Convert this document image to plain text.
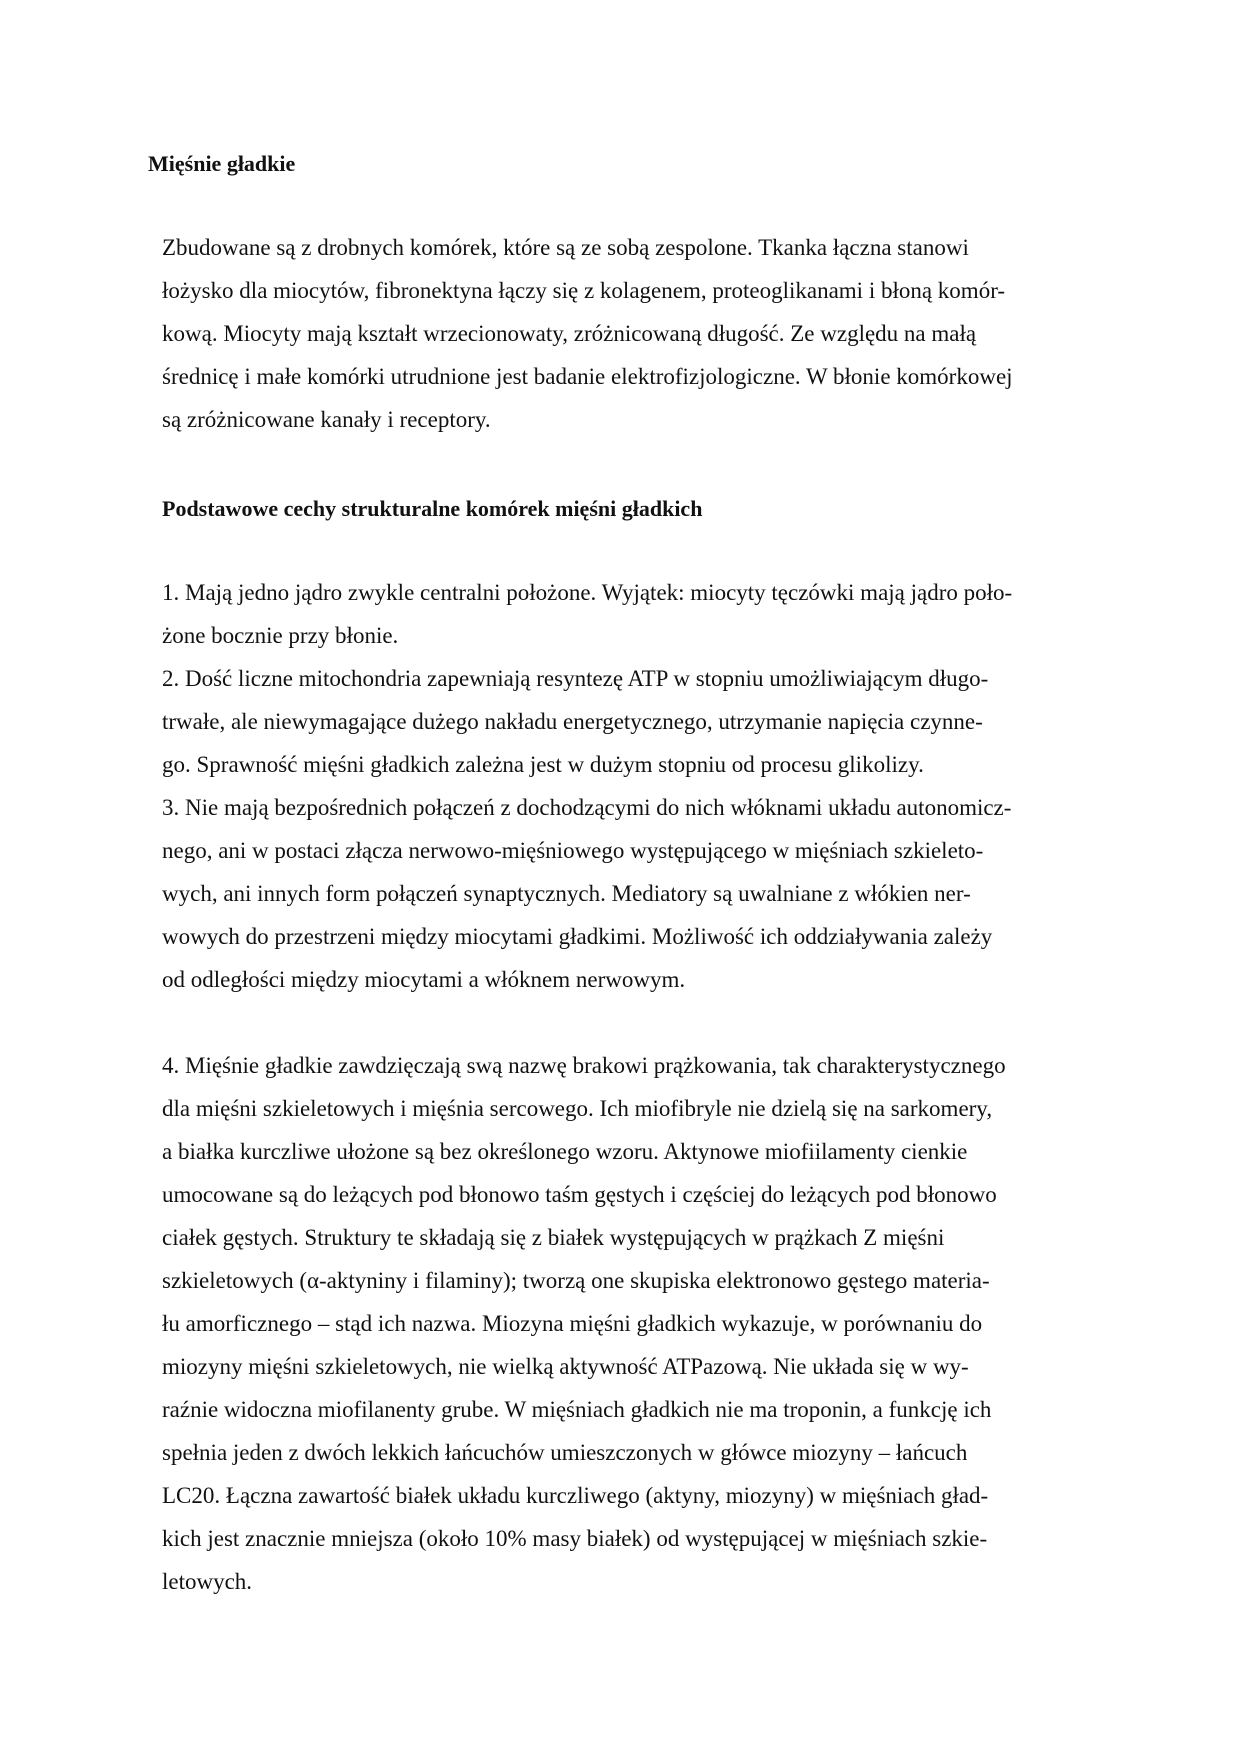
Mięśnie gładkie

Zbudowane są z drobnych komórek, które są ze sobą zespolone. Tkanka łączna stanowi

łożysko dla miocytów, fibronektyna łączy się z kolagenem, proteoglikanami i błoną komór-

kową. Miocyty mają kształt wrzecionowaty, zróżnicowaną długość. Ze względu na małą

średnicę i małe komórki utrudnione jest badanie elektrofizjologiczne. W błonie komórkowej

są zróżnicowane kanały i receptory.

Podstawowe cechy strukturalne komórek mięśni gładkich

1. Mają jedno jądro zwykle centralni położone. Wyjątek: miocyty tęczówki mają jądro poło-

żone bocznie przy błonie.

2. Dość liczne mitochondria zapewniają resyntezę ATP w stopniu umożliwiającym długo-

trwałe, ale niewymagające dużego nakładu energetycznego, utrzymanie napięcia czynne-

go. Sprawność mięśni gładkich zależna jest w dużym stopniu od procesu glikolizy.

3. Nie mają bezpośrednich połączeń z dochodzącymi do nich włóknami układu autonomicz-

nego, ani w postaci złącza nerwowo-mięśniowego występującego w mięśniach szkieleto-

wych, ani innych form połączeń synaptycznych. Mediatory są uwalniane z włókien ner-

wowych do przestrzeni między miocytami gładkimi. Możliwość ich oddziaływania zależy

od odległości między miocytami a włóknem nerwowym.

4. Mięśnie gładkie zawdzięczają swą nazwę brakowi prążkowania, tak charakterystycznego

dla mięśni szkieletowych i mięśnia sercowego. Ich miofibryle nie dzielą się na sarkomery,

a białka kurczliwe ułożone są bez określonego wzoru. Aktynowe miofiilamenty cienkie

umocowane są do leżących pod błonowo taśm gęstych i częściej do leżących pod błonowo

ciałek gęstych. Struktury te składają się z białek występujących w prążkach Z mięśni

szkieletowych (α-aktyniny i filaminy); tworzą one skupiska elektronowo gęstego materia-

łu amorficznego – stąd ich nazwa. Miozyna mięśni gładkich wykazuje, w porównaniu do

miozyny mięśni szkieletowych, nie wielką aktywność ATPazową. Nie układa się w wy-

raźnie widoczna miofilanenty grube. W mięśniach gładkich nie ma troponin, a funkcję ich

spełnia jeden z dwóch lekkich łańcuchów umieszczonych w główce miozyny – łańcuch

LC20. Łączna zawartość białek układu kurczliwego (aktyny, miozyny) w mięśniach gład-

kich jest znacznie mniejsza (około 10% masy białek) od występującej w mięśniach szkie-

letowych.
